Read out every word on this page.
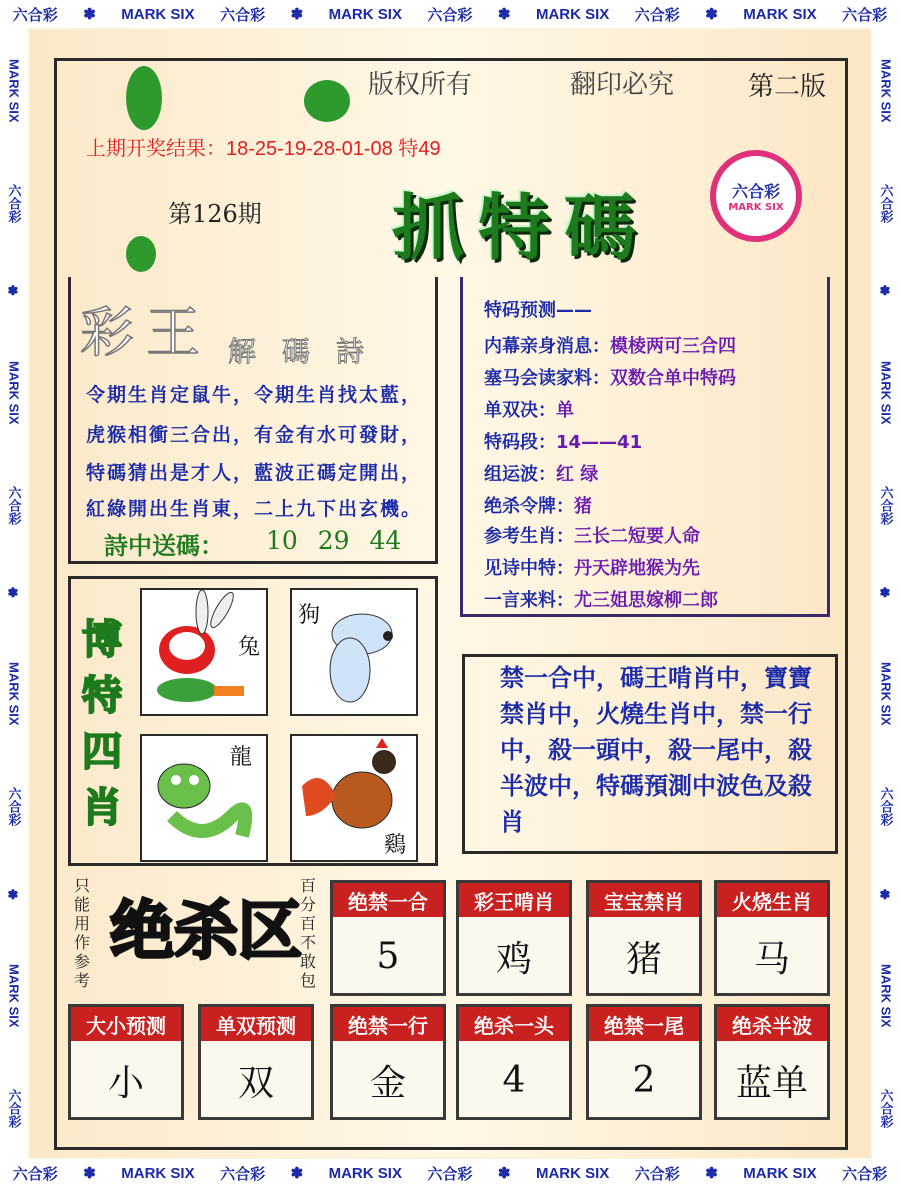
六合彩 ✽ MARK SIX 六合彩 ✽ MARK SIX 六合彩 ✽ MARK SIX 六合彩 ✽ MARK SIX 六合彩
六合彩 ✽ MARK SIX 六合彩 ✽ MARK SIX 六合彩 ✽ MARK SIX 六合彩 ✽ MARK SIX 六合彩
MARK SIX
六合彩
✽
MARK SIX
六合彩
✽
MARK SIX
六合彩
✽
MARK SIX
六合彩
MARK SIX
六合彩
✽
MARK SIX
六合彩
✽
MARK SIX
六合彩
✽
MARK SIX
六合彩
版权所有	翻印必究	第二版
上期开奖结果：18-25-19-28-01-08 特49
第126期 抓特碼	六合彩
MARK SIX
彩王 解碼詩
令期生肖定鼠牛，令期生肖找太藍，
虎猴相衝三合出，有金有水可發財，
特碼猜出是才人，藍波正碼定開出，
紅綠開出生肖東，二上九下出玄機。
詩中送碼： 10 29 44
特码预测——
内幕亲身消息：模棱两可三合四
塞马会读家料：双数合单中特码
单双决：单
特码段：14——41
组运波：红 绿
绝杀令牌：猪
参考生肖：三长二短要人命
见诗中特：丹天辟地猴为先
一言来料：尤三姐思嫁柳二郎
博特四肖
兔
狗
龍
鷄
禁一合中，碼王啃肖中，寶寶禁肖中，火燒生肖中，禁一行中，殺一頭中，殺一尾中，殺半波中，特碼預測中波色及殺肖
只能用作参考
绝杀区
百分百不敢包
绝禁一合
5
彩王啃肖
鸡
宝宝禁肖
猪
火烧生肖
马
大小预测
小
单双预测
双
绝禁一行
金
绝杀一头
4
绝禁一尾
2
绝杀半波
蓝单
